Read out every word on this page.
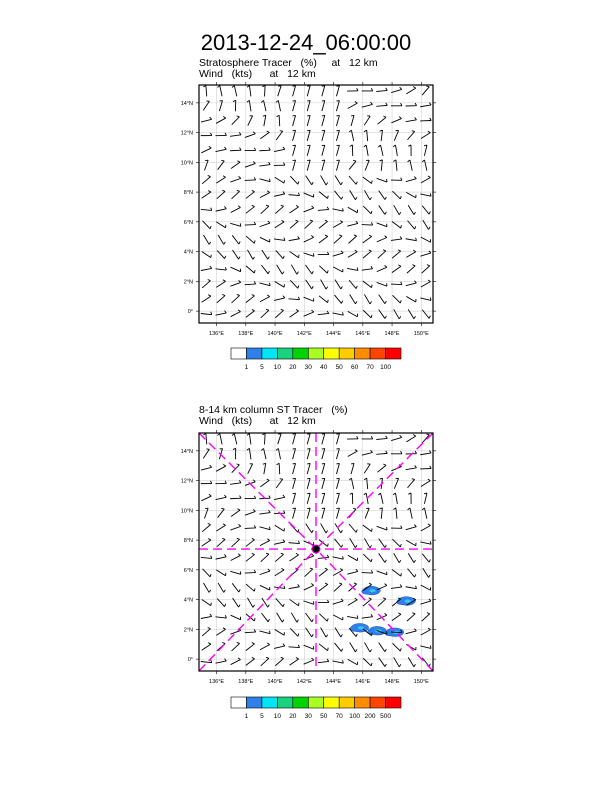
2013-12-24_06:00:00
Stratosphere Tracer   (%)     at   12 km
Wind   (kts)      at   12 km
136°E	138°E	140°E	142°E	144°E	146°E	148°E	150°E
0°
2°N
4°N
6°N
8°N
10°N
12°N
14°N
1 5 10 20 30 40 50 60 70 100
8-14 km column ST Tracer   (%)
Wind   (kts)      at   12 km
136°E	138°E	140°E	142°E	144°E	146°E	148°E	150°E
0°
2°N
4°N
6°N
8°N
10°N
12°N
14°N
1 5 10 20 30 50 70 100 200 500
